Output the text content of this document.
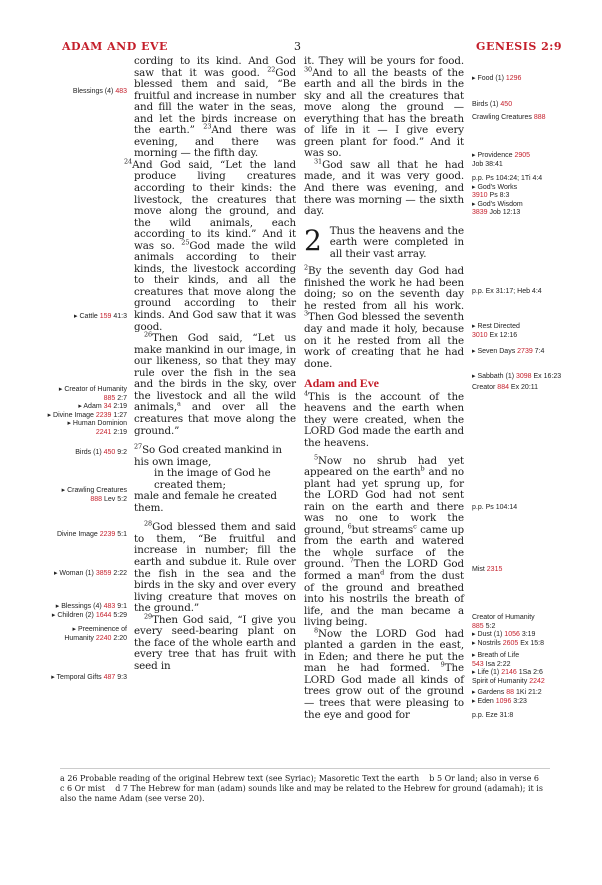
ADAM AND EVE	3	GENESIS 2:9
Blessings (4) 483
▸ Cattle 159 41:3
▸ Creator of Humanity
885 2:7
▸ Adam 34 2:19
▸ Divine Image 2239 1:27
▸ Human Dominion
2241 2:19
Birds (1) 450 9:2
▸ Crawling Creatures
888 Lev 5:2
Divine Image 2239 5:1
▸ Woman (1) 3859 2:22
▸ Blessings (4) 483 9:1
▸ Children (2) 1644 5:29
▸ Preeminence of
Humanity 2240 2:20
▸ Temporal Gifts 487 9:3
▸ Food (1) 1296
Birds (1) 450
Crawling Creatures 888
▸ Providence 2905
Job 38:41
p.p. Ps 104:24; 1Ti 4:4
▸ God's Works
3910 Ps 8:3
▸ God's Wisdom
3839 Job 12:13
p.p. Ex 31:17; Heb 4:4
▸ Rest Directed
3010 Ex 12:16
▸ Seven Days 2739 7:4
▸ Sabbath (1) 3098 Ex 16:23
Creator 884 Ex 20:11
p.p. Ps 104:14
Mist 2315
Creator of Humanity
885 5:2
▸ Dust (1) 1056 3:19
▸ Nostrils 2605 Ex 15:8
▸ Breath of Life
543 Isa 2:22
▸ Life (1) 2146 1Sa 2:6
Spirit of Humanity 2242
▸ Gardens 88 1Ki 21:2
▸ Eden 1096 3:23
p.p. Eze 31:8

cording to its kind. And God saw that it was good. $^{22}$God blessed them and said, “Be fruitful and increase in number and fill the water in the seas, and let the birds increase on the earth.” $^{23}$And there was evening, and there was morning — the fifth day.

$^{24}$And God said, “Let the land produce living creatures according to their kinds: the livestock, the creatures that move along the ground, and the wild animals, each according to its kind.” And it was so. $^{25}$God made the wild animals according to their kinds, the livestock according to their kinds, and all the creatures that move along the ground according to their kinds. And God saw that it was good.

$^{26}$Then God said, “Let us make mankind in our image, in our likeness, so that they may rule over the fish in the sea and the birds in the sky, over the livestock and all the wild animals,$^a$ and over all the creatures that move along the ground.”

$^{27}$So God created mankind in his own image,

in the image of God he created them;

male and female he created them.

$^{28}$God blessed them and said to them, “Be fruitful and increase in number; fill the earth and subdue it. Rule over the fish in the sea and the birds in the sky and over every living creature that moves on the ground.”

$^{29}$Then God said, “I give you every seed-bearing plant on the face of the whole earth and every tree that has fruit with seed in

it. They will be yours for food. $^{30}$And to all the beasts of the earth and all the birds in the sky and all the creatures that move along the ground — everything that has the breath of life in it — I give every green plant for food.” And it was so.

$^{31}$God saw all that he had made, and it was very good. And there was evening, and there was morning — the sixth day.

2 Thus the heavens and the earth were completed in all their vast array.

$^2$By the seventh day God had finished the work he had been doing; so on the seventh day he rested from all his work. $^3$Then God blessed the seventh day and made it holy, because on it he rested from all the work of creating that he had done.

Adam and Eve

$^4$This is the account of the heavens and the earth when they were created, when the LORD God made the earth and the heavens.

$^5$Now no shrub had yet appeared on the earth$^b$ and no plant had yet sprung up, for the LORD God had not sent rain on the earth and there was no one to work the ground, $^6$but streams$^c$ came up from the earth and watered the whole surface of the ground. $^7$Then the LORD God formed a man$^d$ from the dust of the ground and breathed into his nostrils the breath of life, and the man became a living being.

$^8$Now the LORD God had planted a garden in the east, in Eden; and there he put the man he had formed. $^9$The LORD God made all kinds of trees grow out of the ground — trees that were pleasing to the eye and good for

a 26 Probable reading of the original Hebrew text (see Syriac); Masoretic Text the earth b 5 Or land; also in verse 6
c 6 Or mist d 7 The Hebrew for man (adam) sounds like and may be related to the Hebrew for ground (adamah); it is also the name Adam (see verse 20).
